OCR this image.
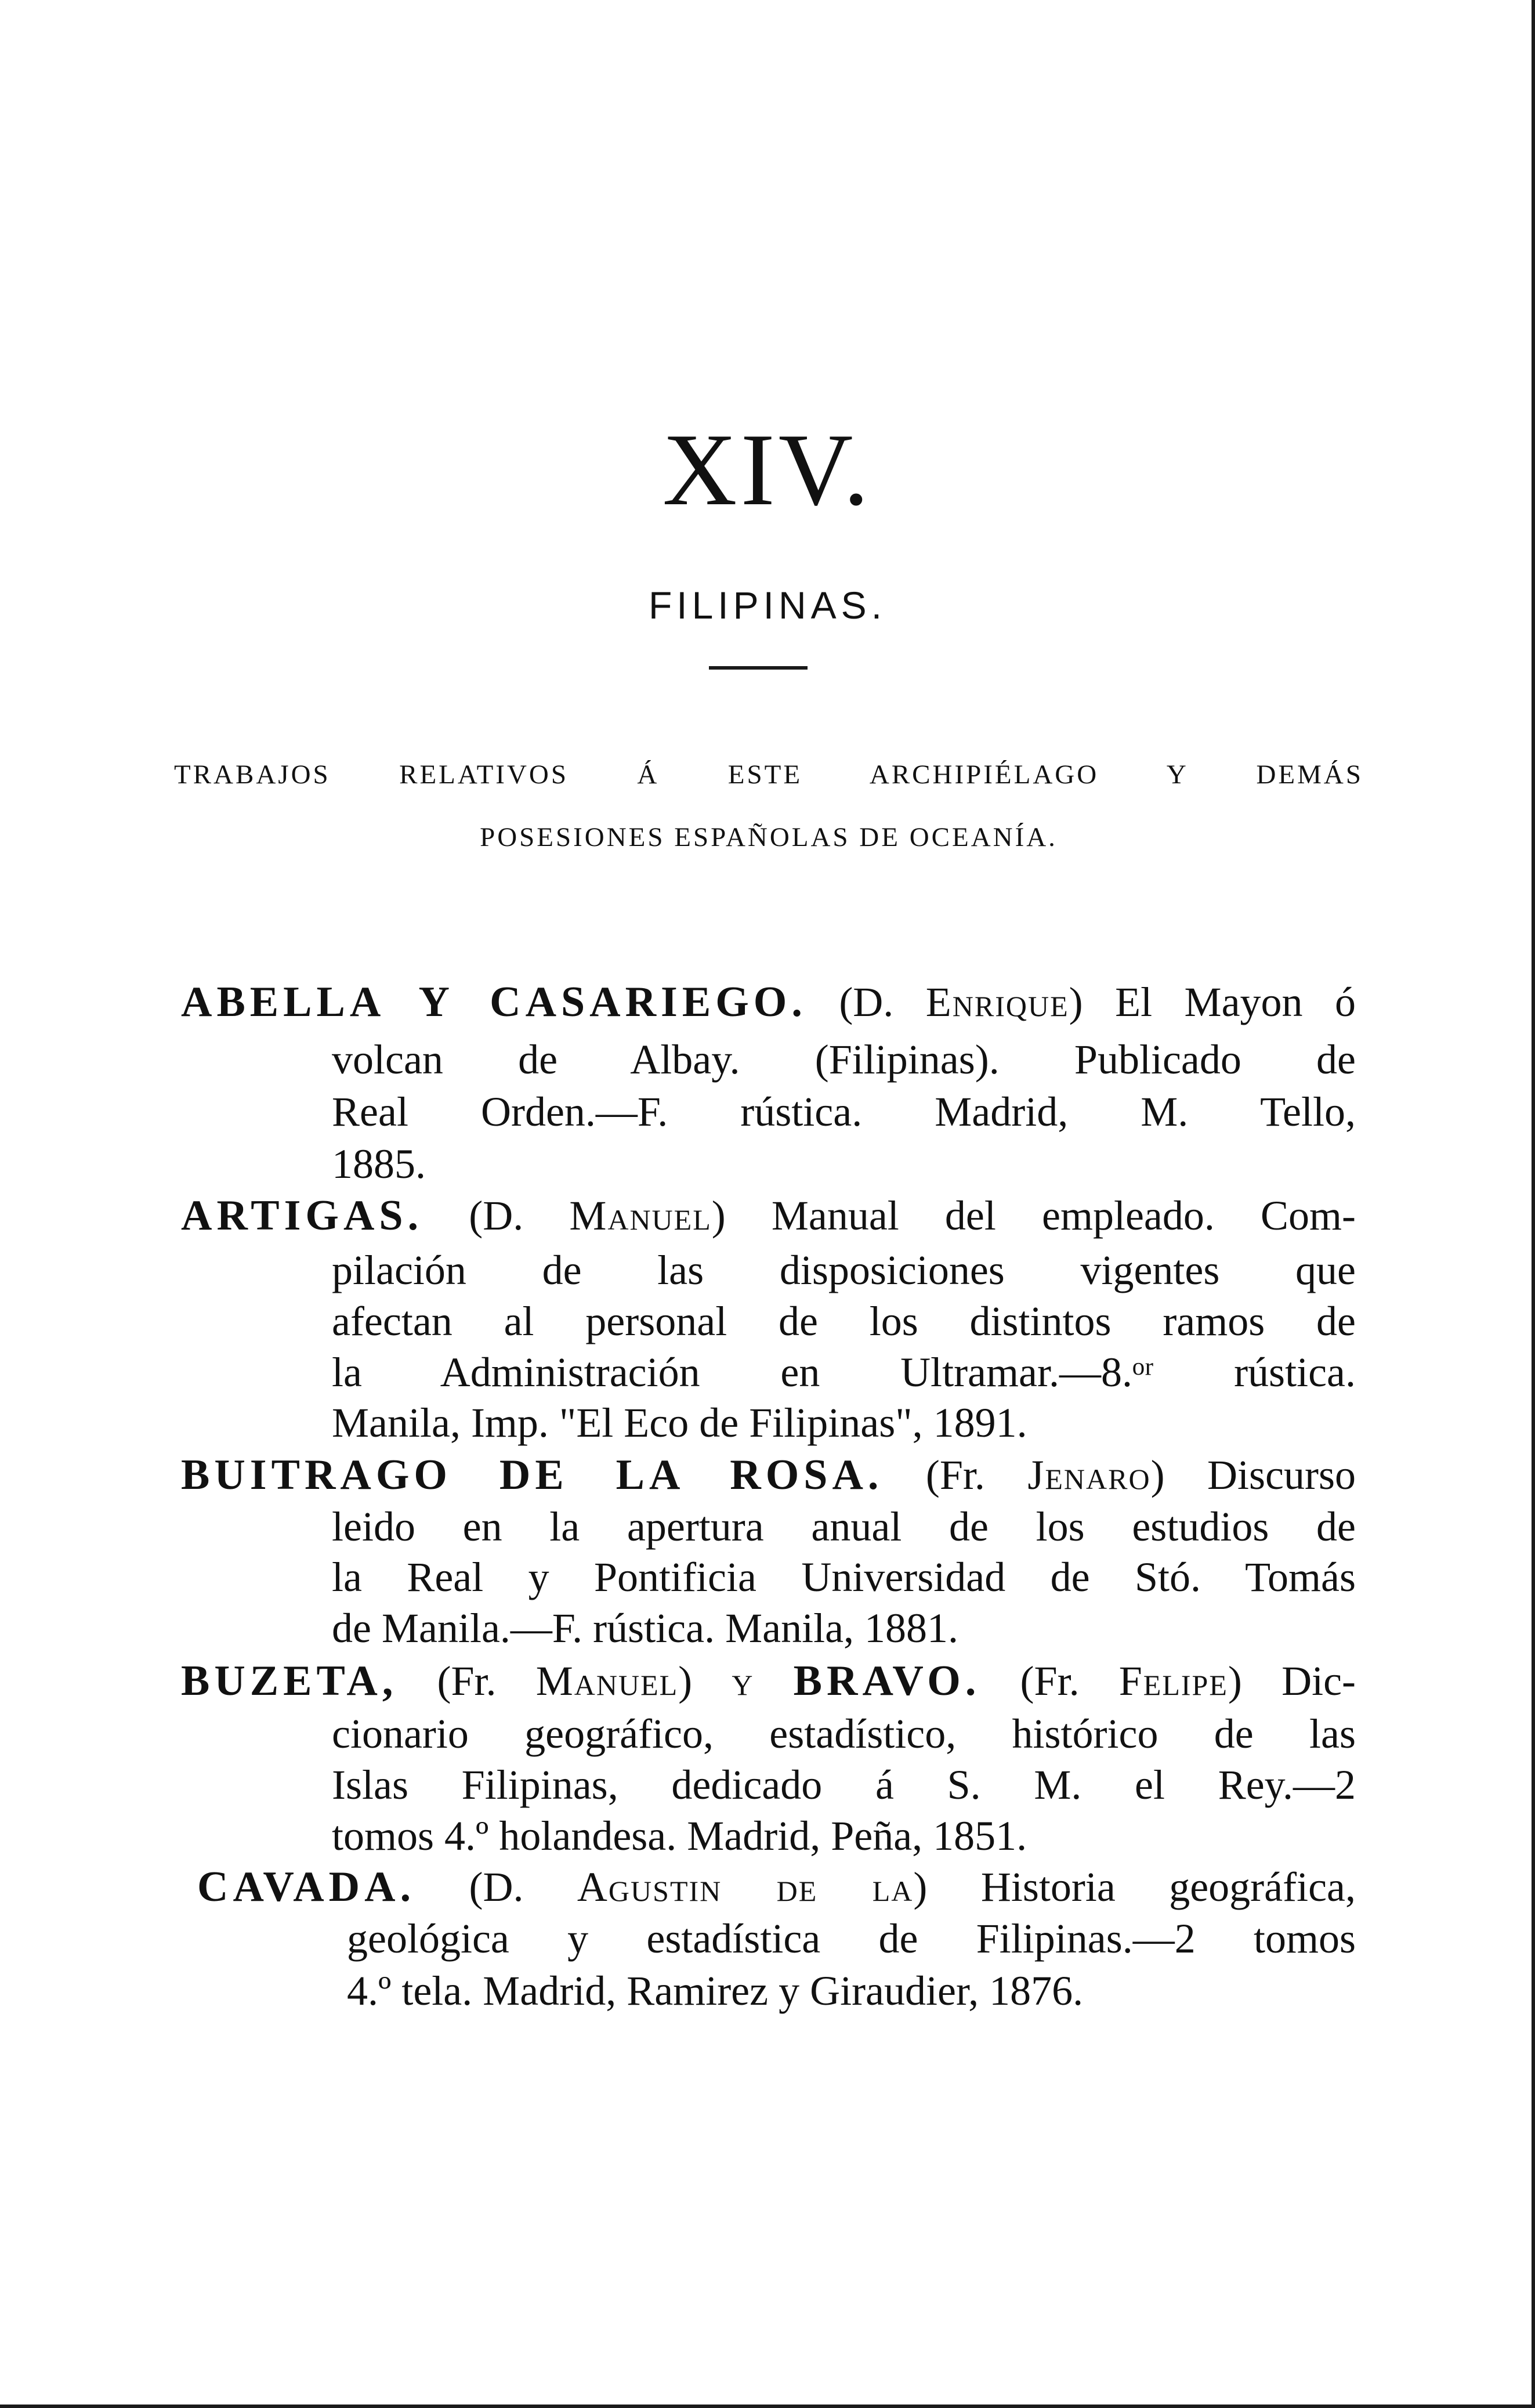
XIV.
FILIPINAS.
TRABAJOS RELATIVOS Á ESTE ARCHIPIÉLAGO Y DEMÁS
POSESIONES ESPAÑOLAS DE OCEANÍA.
ABELLA Y CASARIEGO. (D. Enrique) El Mayon ó
volcan de Albay. (Filipinas). Publicado de
Real Orden.—F. rústica. Madrid, M. Tello,
1885.
ARTIGAS. (D. Manuel) Manual del empleado. Com-
pilación de las disposiciones vigentes que
afectan al personal de los distintos ramos de
la Administración en Ultramar.—8.ᵒʳ rústica.
Manila, Imp. "El Eco de Filipinas", 1891.
BUITRAGO DE LA ROSA. (Fr. Jenaro) Discurso
leido en la apertura anual de los estudios de
la Real y Pontificia Universidad de Stó. Tomás
de Manila.—F. rústica. Manila, 1881.
BUZETA, (Fr. Manuel) y BRAVO. (Fr. Felipe) Dic-
cionario geográfico, estadístico, histórico de las
Islas Filipinas, dedicado á S. M. el Rey.—2
tomos 4.º holandesa. Madrid, Peña, 1851.
CAVADA. (D. Agustin de la) Historia geográfica,
geológica y estadística de Filipinas.—2 tomos
4.º tela. Madrid, Ramirez y Giraudier, 1876.
